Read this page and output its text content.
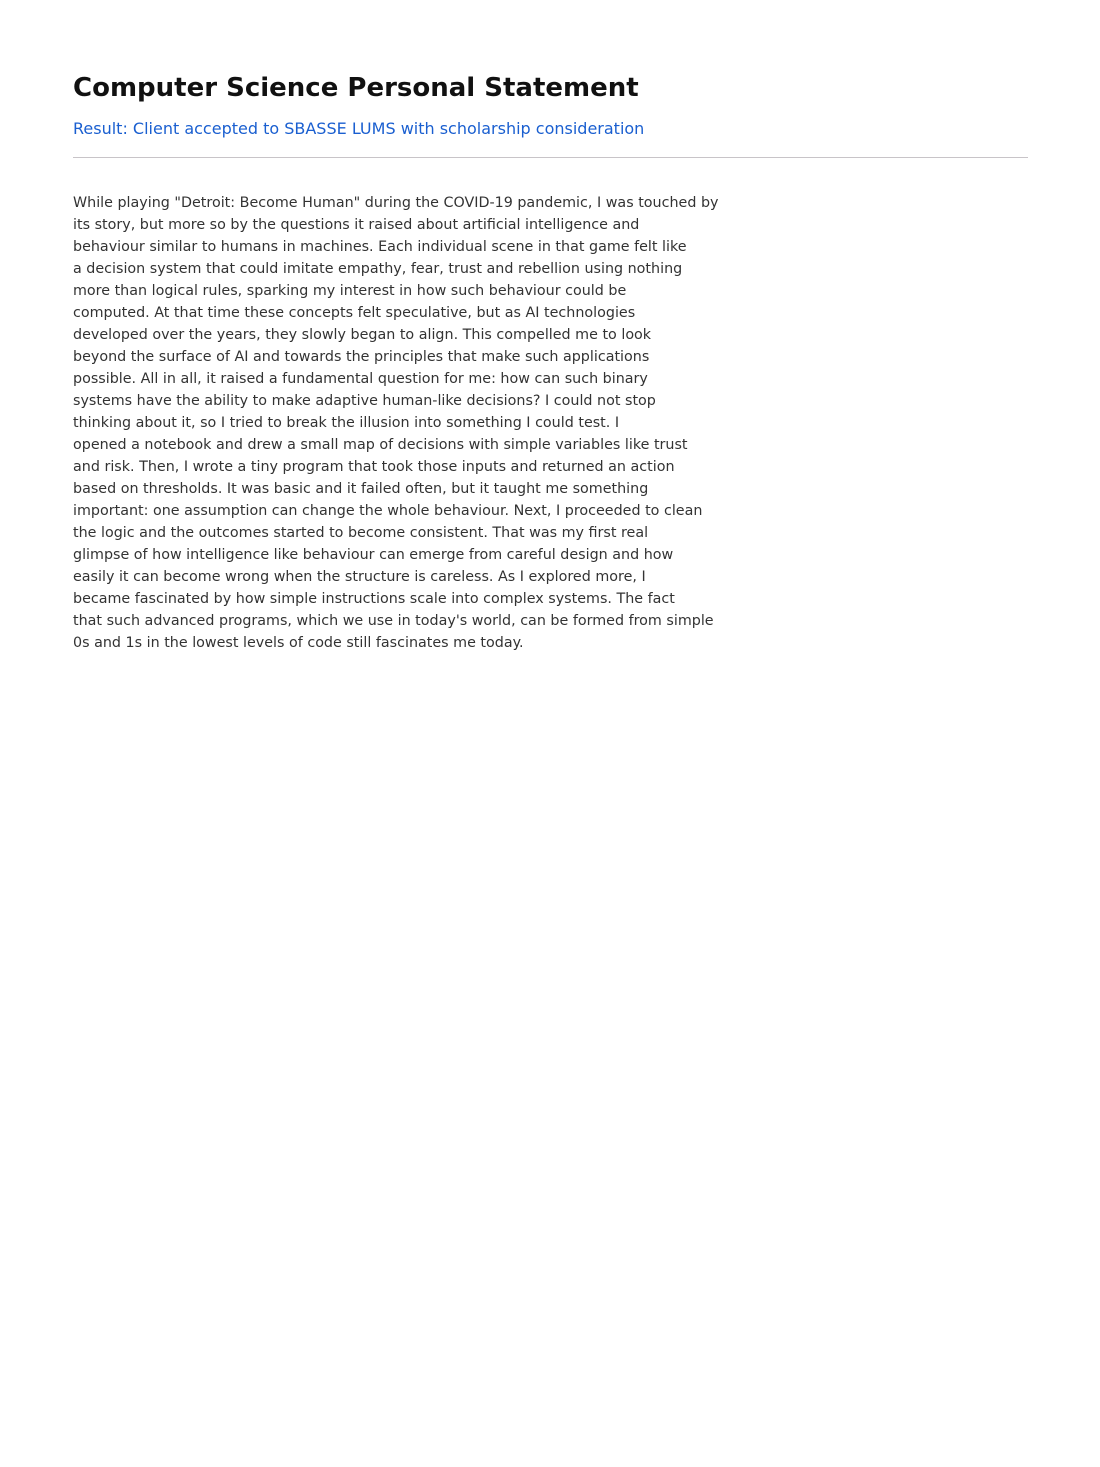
Computer Science Personal Statement
Result: Client accepted to SBASSE LUMS with scholarship consideration
While playing "Detroit: Become Human" during the COVID-19 pandemic, I was touched by
its story, but more so by the questions it raised about artificial intelligence and
behaviour similar to humans in machines. Each individual scene in that game felt like
a decision system that could imitate empathy, fear, trust and rebellion using nothing
more than logical rules, sparking my interest in how such behaviour could be
computed. At that time these concepts felt speculative, but as AI technologies
developed over the years, they slowly began to align. This compelled me to look
beyond the surface of AI and towards the principles that make such applications
possible. All in all, it raised a fundamental question for me: how can such binary
systems have the ability to make adaptive human-like decisions? I could not stop
thinking about it, so I tried to break the illusion into something I could test. I
opened a notebook and drew a small map of decisions with simple variables like trust
and risk. Then, I wrote a tiny program that took those inputs and returned an action
based on thresholds. It was basic and it failed often, but it taught me something
important: one assumption can change the whole behaviour. Next, I proceeded to clean
the logic and the outcomes started to become consistent. That was my first real
glimpse of how intelligence like behaviour can emerge from careful design and how
easily it can become wrong when the structure is careless. As I explored more, I
became fascinated by how simple instructions scale into complex systems. The fact
that such advanced programs, which we use in today's world, can be formed from simple
0s and 1s in the lowest levels of code still fascinates me today.
